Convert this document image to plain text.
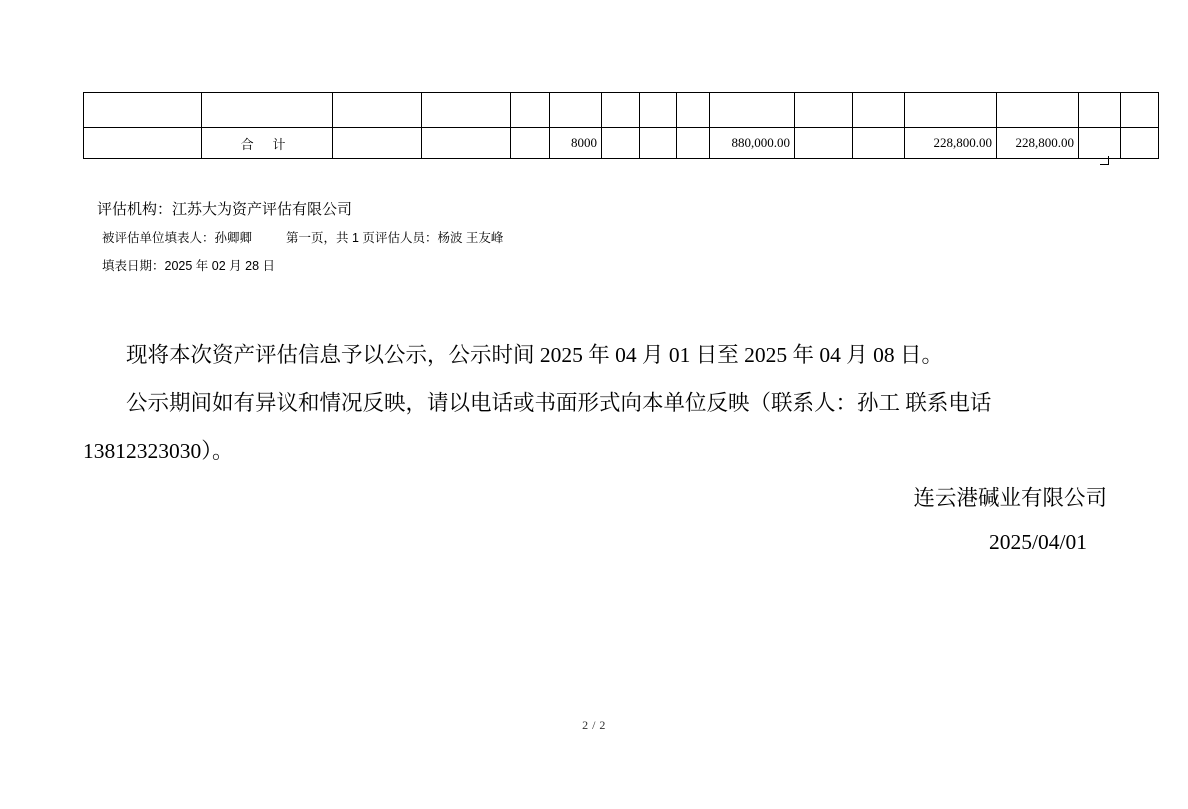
	合 计				8000				880,000.00			228,800.00	228,800.00		
评估机构：江苏大为资产评估有限公司
被评估单位填表人：孙卿卿	第一页，共 1 页评估人员：杨波 王友峰
填表日期：2025 年 02 月 28 日

现将本次资产评估信息予以公示，公示时间 2025 年 04 月 01 日至 2025 年 04 月 08 日。

公示期间如有异议和情况反映，请以电话或书面形式向本单位反映（联系人：孙工 联系电话

13812323030）。

连云港碱业有限公司
2025/04/01
2 / 2
